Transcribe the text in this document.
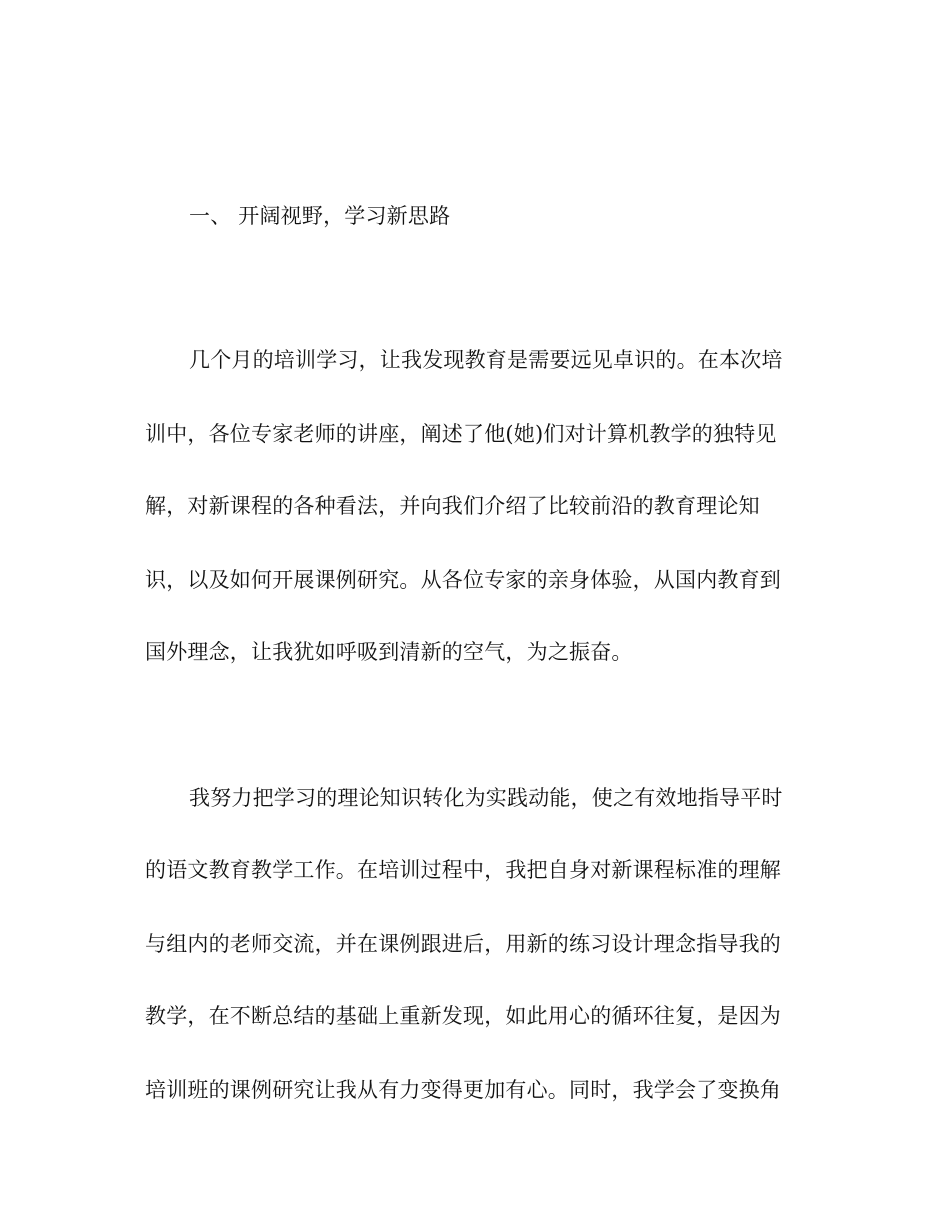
一、 开阔视野，学习新思路
几个月的培训学习，让我发现教育是需要远见卓识的。在本次培
训中，各位专家老师的讲座，阐述了他(她)们对计算机教学的独特见
解，对新课程的各种看法，并向我们介绍了比较前沿的教育理论知
识，以及如何开展课例研究。从各位专家的亲身体验，从国内教育到
国外理念，让我犹如呼吸到清新的空气，为之振奋。
我努力把学习的理论知识转化为实践动能，使之有效地指导平时
的语文教育教学工作。在培训过程中，我把自身对新课程标准的理解
与组内的老师交流，并在课例跟进后，用新的练习设计理念指导我的
教学，在不断总结的基础上重新发现，如此用心的循环往复，是因为
培训班的课例研究让我从有力变得更加有心。同时，我学会了变换角
